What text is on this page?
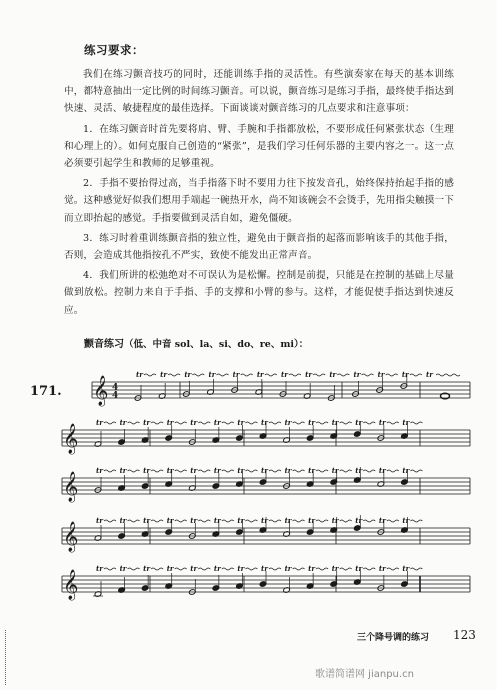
练习要求：

我们在练习颤音技巧的同时，还能训练手指的灵活性。有些演奏家在每天的基本训练中，都特意抽出一定比例的时间练习颤音。可以说，颤音练习是练习手指，最终使手指达到快速、灵活、敏捷程度的最佳选择。下面谈谈对颤音练习的几点要求和注意事项：

1．在练习颤音时首先要将肩、臂、手腕和手指都放松，不要形成任何紧张状态（生理和心理上的）。如何克服自己创造的“紧张”，是我们学习任何乐器的主要内容之一。这一点必须要引起学生和教师的足够重视。

2．手指不要抬得过高，当手指落下时不要用力往下按发音孔，始终保持抬起手指的感觉。这种感觉好似我们想用手端起一碗热开水，尚不知该碗会不会烫手，先用指尖触摸一下而立即抬起的感觉。手指要做到灵活自如，避免僵硬。

3．练习时着重训练颤音指的独立性，避免由于颤音指的起落而影响该手的其他手指，否则，会造成其他指按孔不严实，致使不能发出正常声音。

4．我们所讲的松弛绝对不可误认为是松懈。控制是前提，只能是在控制的基础上尽量做到放松。控制力来自于手指、手的支撑和小臂的参与。这样，才能促使手指达到快速反应。

颤音练习（低、中音 sol、la、si、do、re、mi）：
171. 𝄞 4
4
tr tr tr tr tr tr tr tr tr tr tr tr tr
𝄞
tr tr tr tr tr tr tr tr tr tr tr tr tr tr
𝄞
tr tr tr tr tr tr tr tr tr tr tr tr tr tr
𝄞
tr tr tr tr tr tr tr tr tr tr tr tr tr tr
𝄞
tr tr tr tr tr tr tr tr tr tr tr tr tr tr
三个降号调的练习 123
歌谱简谱网 jianpu.cn
